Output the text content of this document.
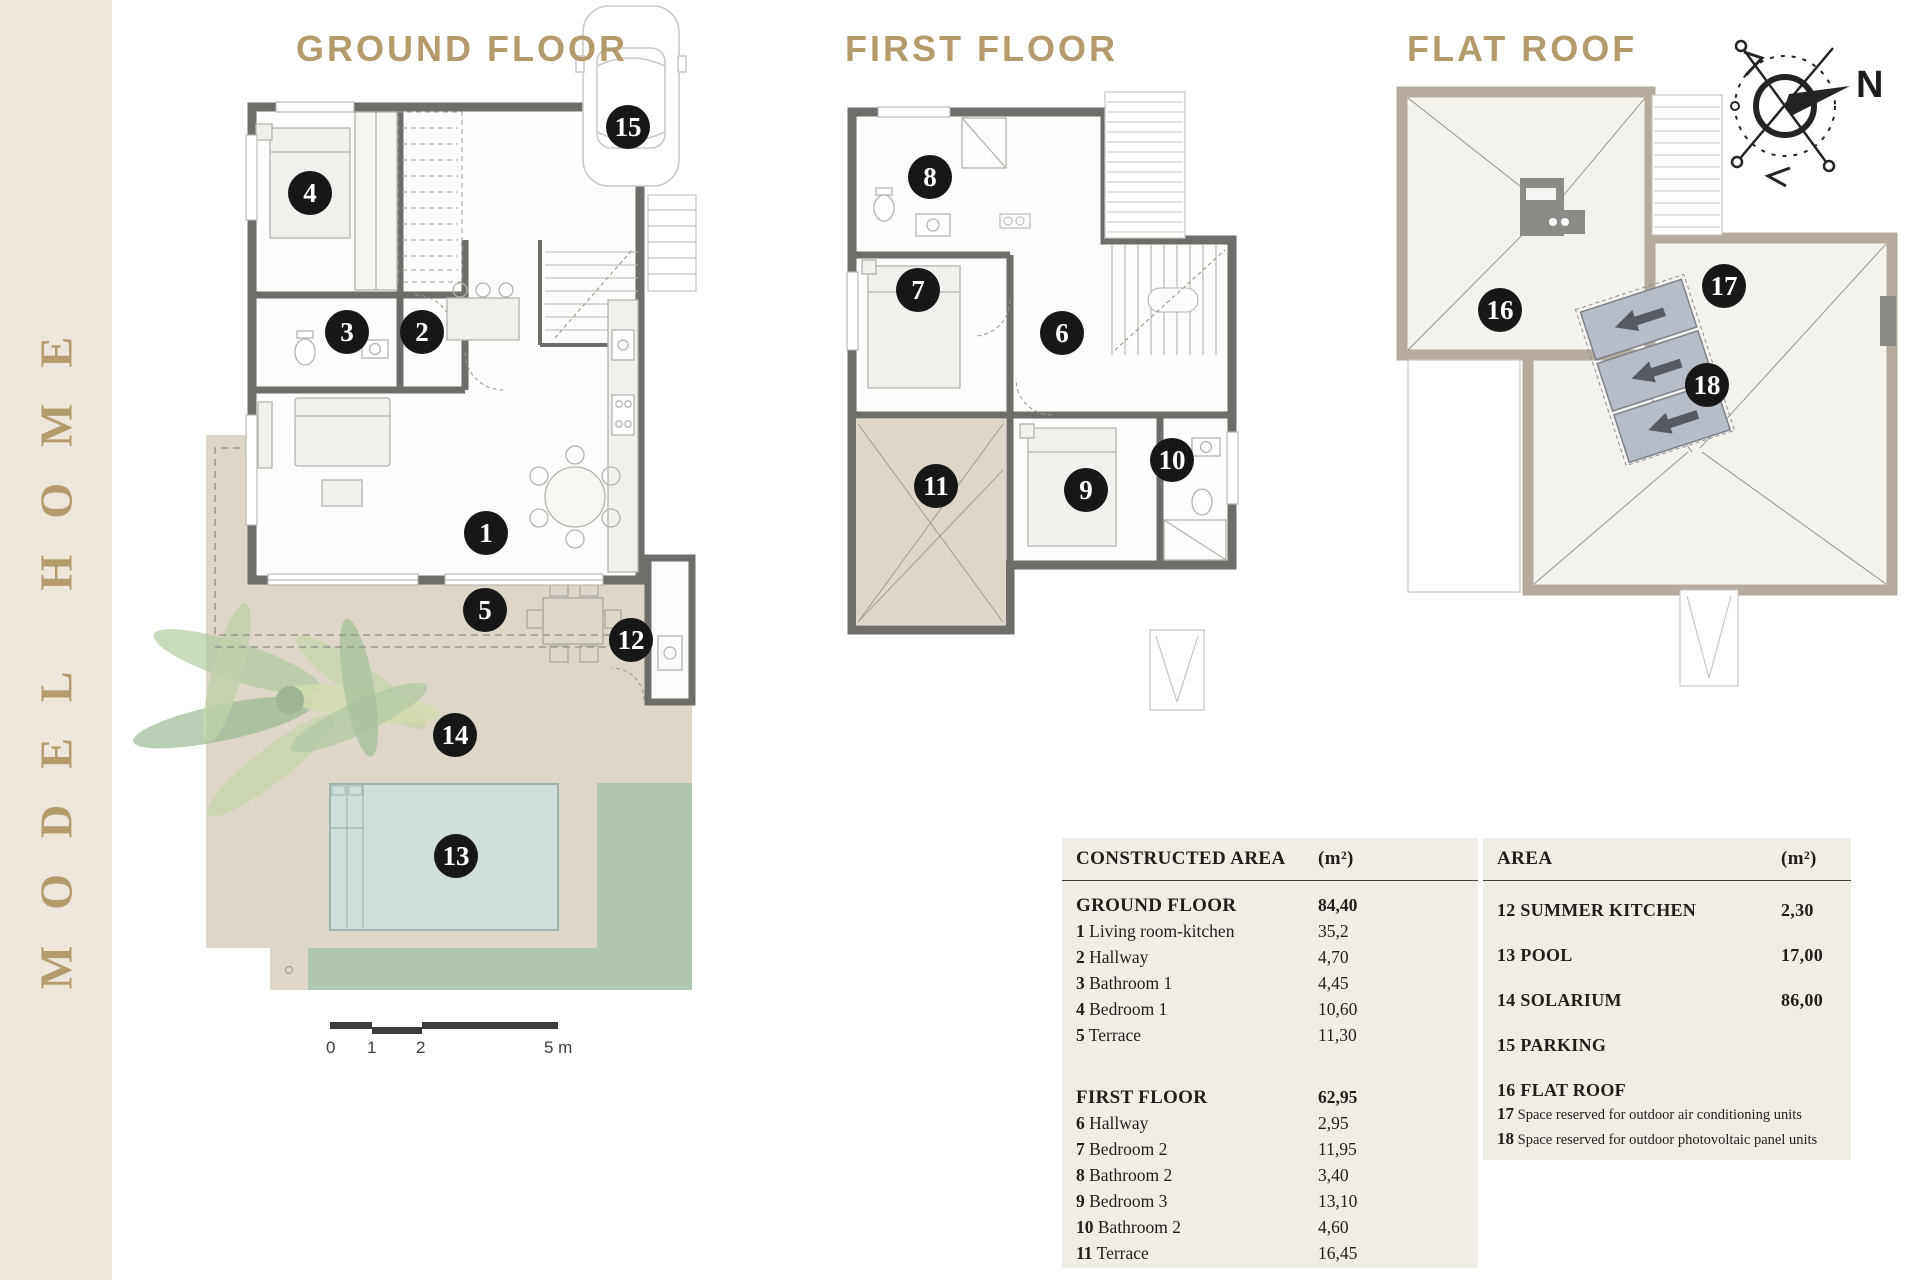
MODEL HOME
GROUND FLOOR	FIRST FLOOR	FLAT ROOF
N
1
2
3
4
5
12
13
14
15
6
7
8
9
10
11
16
17
18
0 1 2	5 m
CONSTRUCTED AREA (m²)
GROUND FLOOR	84,40
1 Living room-kitchen	35,2
2 Hallway	4,70
3 Bathroom 1	4,45
4 Bedroom 1	10,60
5 Terrace	11,30
FIRST FLOOR	62,95
6 Hallway	2,95
7 Bedroom 2	11,95
8 Bathroom 2	3,40
9 Bedroom 3	13,10
10 Bathroom 2	4,60
11 Terrace	16,45
AREA	(m²)
12 SUMMER KITCHEN	2,30
13 POOL	17,00
14 SOLARIUM	86,00
15 PARKING
16 FLAT ROOF
17 Space reserved for outdoor air conditioning units
18 Space reserved for outdoor photovoltaic panel units
